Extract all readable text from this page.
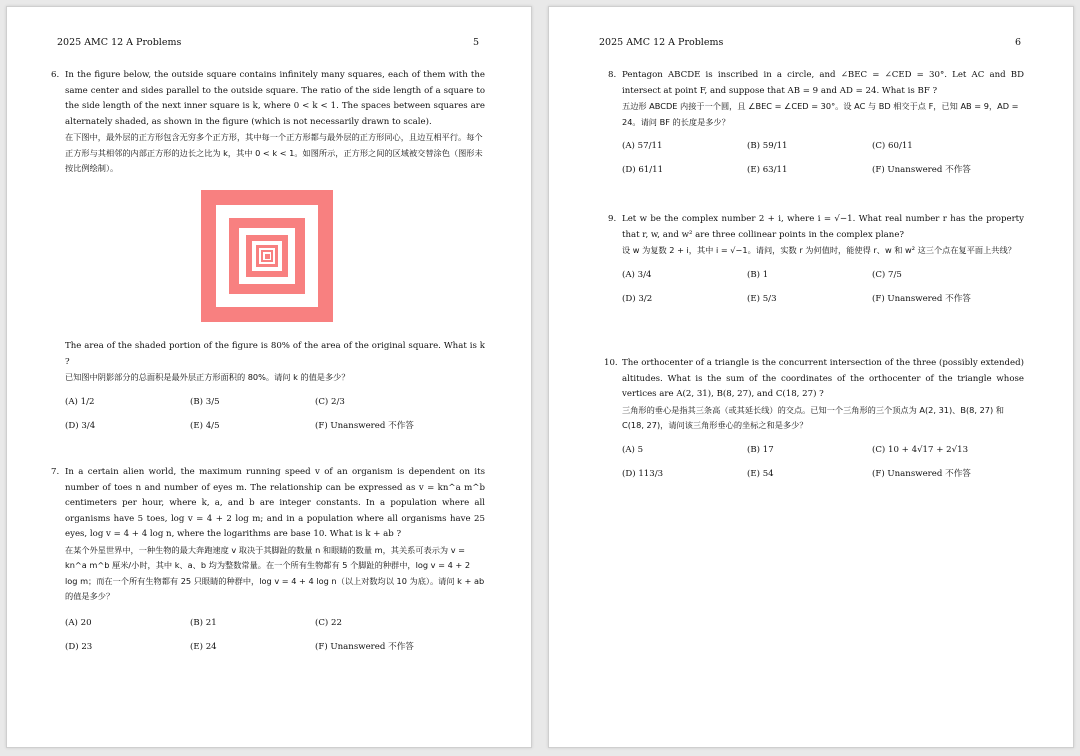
2025 AMC 12 A Problems	5
6. In the figure below, the outside square contains infinitely many squares, each of them with the same center and sides parallel to the outside square. The ratio of the side length of a square to the side length of the next inner square is k, where 0 < k < 1. The spaces between squares are alternately shaded, as shown in the figure (which is not necessarily drawn to scale).
在下图中，最外层的正方形包含无穷多个正方形，其中每一个正方形都与最外层的正方形同心，且边互相平行。每个正方形与其相邻的内部正方形的边长之比为 k，其中 0 < k < 1。如图所示，正方形之间的区域被交替涂色（图形未按比例绘制）。
The area of the shaded portion of the figure is 80% of the area of the original square. What is k ?
已知图中阴影部分的总面积是最外层正方形面积的 80%。请问 k 的值是多少？
(A) 1/2	(B) 3/5	(C) 2/3
(D) 3/4	(E) 4/5	(F) Unanswered 不作答
7. In a certain alien world, the maximum running speed v of an organism is dependent on its number of toes n and number of eyes m. The relationship can be expressed as v = kn^a m^b centimeters per hour, where k, a, and b are integer constants. In a population where all organisms have 5 toes, log v = 4 + 2 log m; and in a population where all organisms have 25 eyes, log v = 4 + 4 log n, where the logarithms are base 10. What is k + ab ?
在某个外星世界中，一种生物的最大奔跑速度 v 取决于其脚趾的数量 n 和眼睛的数量 m，其关系可表示为 v = kn^a m^b 厘米/小时，其中 k、a、b 均为整数常量。在一个所有生物都有 5 个脚趾的种群中，log v = 4 + 2 log m；而在一个所有生物都有 25 只眼睛的种群中，log v = 4 + 4 log n（以上对数均以 10 为底）。请问 k + ab 的值是多少？
(A) 20	(B) 21	(C) 22
(D) 23	(E) 24	(F) Unanswered 不作答
2025 AMC 12 A Problems	6
8. Pentagon ABCDE is inscribed in a circle, and ∠BEC = ∠CED = 30°. Let AC and BD intersect at point F, and suppose that AB = 9 and AD = 24. What is BF ?
五边形 ABCDE 内接于一个圆，且 ∠BEC = ∠CED = 30°。设 AC 与 BD 相交于点 F，已知 AB = 9，AD = 24。请问 BF 的长度是多少？
(A) 57/11	(B) 59/11	(C) 60/11
(D) 61/11	(E) 63/11	(F) Unanswered 不作答
9. Let w be the complex number 2 + i, where i = √−1. What real number r has the property that r, w, and w² are three collinear points in the complex plane?
设 w 为复数 2 + i，其中 i = √−1。请问，实数 r 为何值时，能使得 r、w 和 w² 这三个点在复平面上共线？
(A) 3/4	(B) 1	(C) 7/5
(D) 3/2	(E) 5/3	(F) Unanswered 不作答
10. The orthocenter of a triangle is the concurrent intersection of the three (possibly extended) altitudes. What is the sum of the coordinates of the orthocenter of the triangle whose vertices are A(2, 31), B(8, 27), and C(18, 27) ?
三角形的垂心是指其三条高（或其延长线）的交点。已知一个三角形的三个顶点为 A(2, 31)、B(8, 27) 和 C(18, 27)，请问该三角形垂心的坐标之和是多少？
(A) 5	(B) 17	(C) 10 + 4√17 + 2√13
(D) 113/3	(E) 54	(F) Unanswered 不作答
